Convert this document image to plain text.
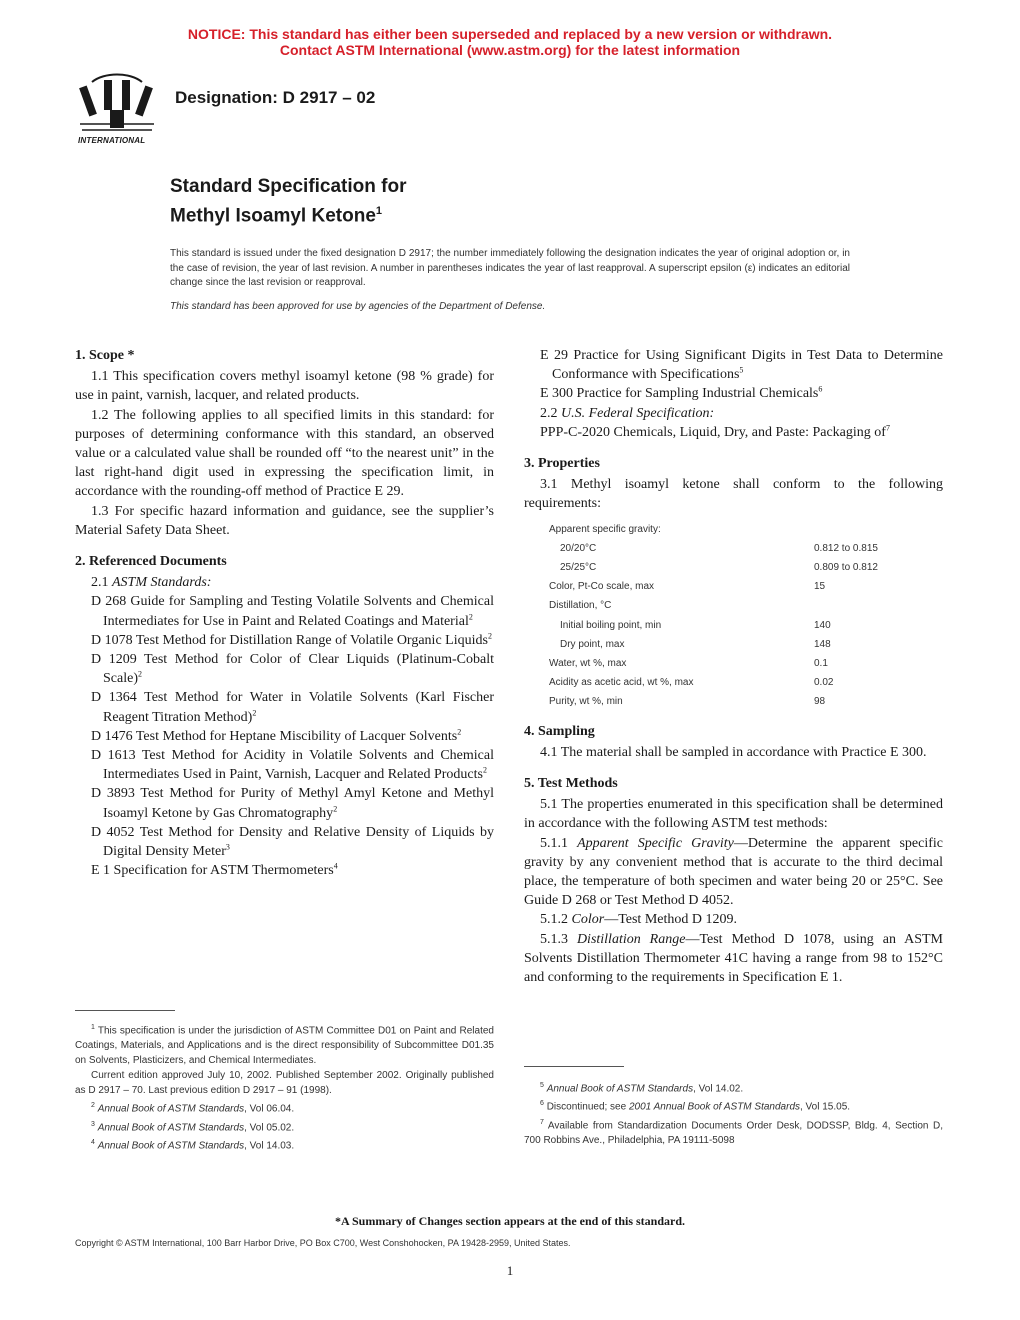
NOTICE: This standard has either been superseded and replaced by a new version or withdrawn.
Contact ASTM International (www.astm.org) for the latest information
INTERNATIONAL
Designation: D 2917 – 02
Standard Specification for
Methyl Isoamyl Ketone$^1$
This standard is issued under the fixed designation D 2917; the number immediately following the designation indicates the year of original adoption or, in the case of revision, the year of last revision. A number in parentheses indicates the year of last reapproval. A superscript epsilon (ε) indicates an editorial change since the last revision or reapproval.
This standard has been approved for use by agencies of the Department of Defense.

1. Scope *

1.1 This specification covers methyl isoamyl ketone (98 % grade) for use in paint, varnish, lacquer, and related products.

1.2 The following applies to all specified limits in this standard: for purposes of determining conformance with this standard, an observed value or a calculated value shall be rounded off “to the nearest unit” in the last right-hand digit used in expressing the specification limit, in accordance with the rounding-off method of Practice E 29.

1.3 For specific hazard information and guidance, see the supplier’s Material Safety Data Sheet.

2. Referenced Documents

2.1 ASTM Standards:

D 268 Guide for Sampling and Testing Volatile Solvents and Chemical Intermediates for Use in Paint and Related Coatings and Material$^2$

D 1078 Test Method for Distillation Range of Volatile Organic Liquids$^2$

D 1209 Test Method for Color of Clear Liquids (Platinum-Cobalt Scale)$^2$

D 1364 Test Method for Water in Volatile Solvents (Karl Fischer Reagent Titration Method)$^2$

D 1476 Test Method for Heptane Miscibility of Lacquer Solvents$^2$

D 1613 Test Method for Acidity in Volatile Solvents and Chemical Intermediates Used in Paint, Varnish, Lacquer and Related Products$^2$

D 3893 Test Method for Purity of Methyl Amyl Ketone and Methyl Isoamyl Ketone by Gas Chromatography$^2$

D 4052 Test Method for Density and Relative Density of Liquids by Digital Density Meter$^3$

E 1 Specification for ASTM Thermometers$^4$

E 29 Practice for Using Significant Digits in Test Data to Determine Conformance with Specifications$^5$

E 300 Practice for Sampling Industrial Chemicals$^6$

2.2 U.S. Federal Specification:

PPP-C-2020 Chemicals, Liquid, Dry, and Paste: Packaging $of^7$

3. Properties

3.1 Methyl isoamyl ketone shall conform to the following requirements:

Apparent specific gravity:	
20/20°C	0.812 to 0.815
25/25°C	0.809 to 0.812
Color, Pt-Co scale, max	15
Distillation, °C	
Initial boiling point, min	140
Dry point, max	148
Water, wt %, max	0.1
Acidity as acetic acid, wt %, max	0.02
Purity, wt %, min	98

4. Sampling

4.1 The material shall be sampled in accordance with Practice E 300.

5. Test Methods

5.1 The properties enumerated in this specification shall be determined in accordance with the following ASTM test methods:

5.1.1 Apparent Specific Gravity—Determine the apparent specific gravity by any convenient method that is accurate to the third decimal place, the temperature of both specimen and water being 20 or 25°C. See Guide D 268 or Test Method D 4052.

5.1.2 Color—Test Method D 1209.

5.1.3 Distillation Range—Test Method D 1078, using an ASTM Solvents Distillation Thermometer 41C having a range from 98 to 152°C and conforming to the requirements in Specification E 1.

$^1$ This specification is under the jurisdiction of ASTM Committee D01 on Paint and Related Coatings, Materials, and Applications and is the direct responsibility of Subcommittee D01.35 on Solvents, Plasticizers, and Chemical Intermediates.

Current edition approved July 10, 2002. Published September 2002. Originally published as D 2917 – 70. Last previous edition D 2917 – 91 (1998).

$^2$ Annual Book of ASTM Standards, Vol 06.04.

$^3$ Annual Book of ASTM Standards, Vol 05.02.

$^4$ Annual Book of ASTM Standards, Vol 14.03.

$^5$ Annual Book of ASTM Standards, Vol 14.02.

$^6$ Discontinued; see 2001 Annual Book of ASTM Standards, Vol 15.05.

$^7$ Available from Standardization Documents Order Desk, DODSSP, Bldg. 4, Section D, 700 Robbins Ave., Philadelphia, PA 19111-5098

*A Summary of Changes section appears at the end of this standard.
Copyright © ASTM International, 100 Barr Harbor Drive, PO Box C700, West Conshohocken, PA 19428-2959, United States.
1
